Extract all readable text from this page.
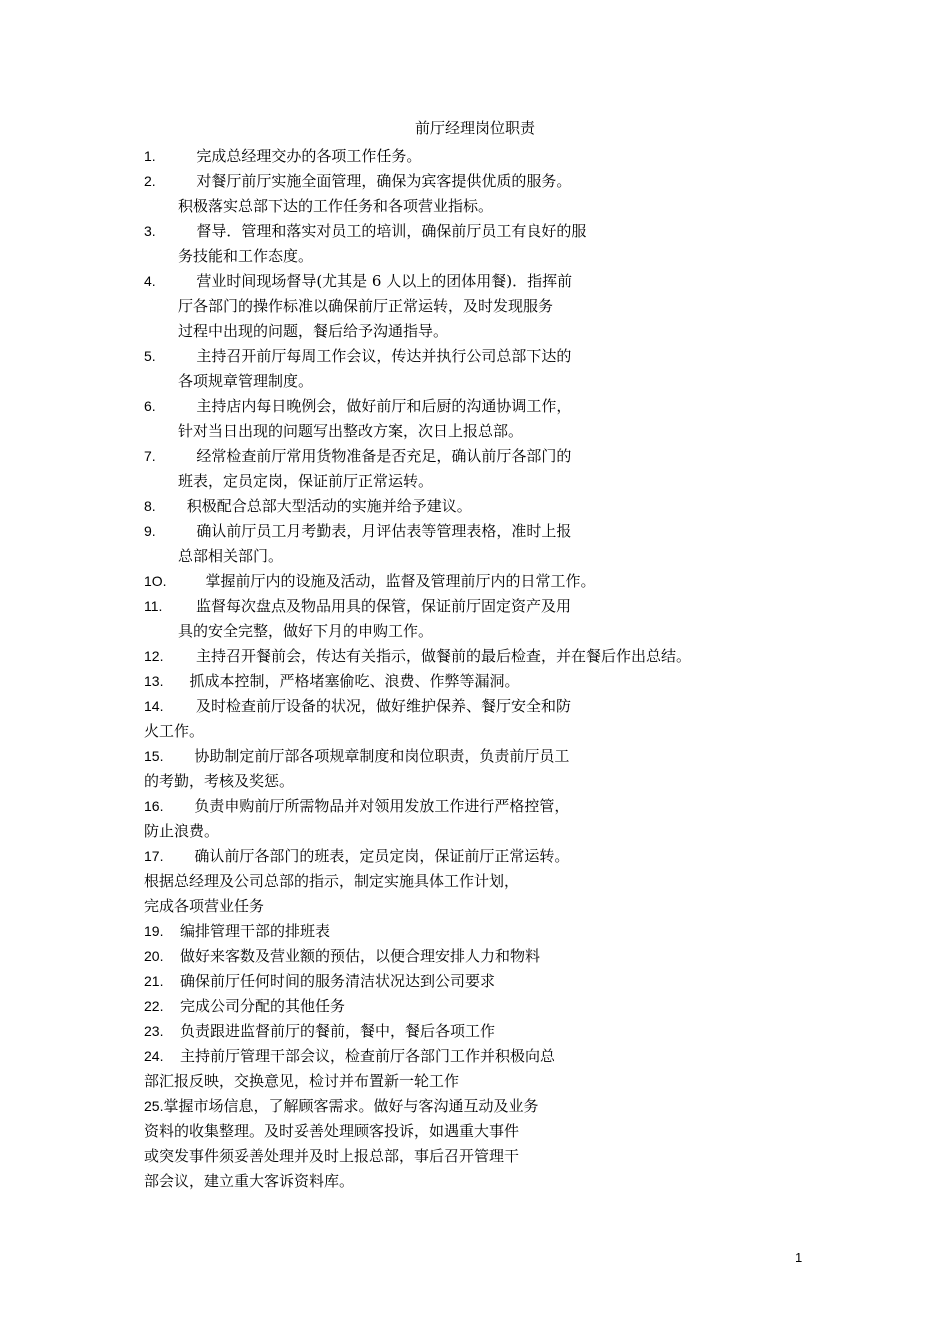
前厅经理岗位职责
1.	完成总经理交办的各项工作任务。
2.	对餐厅前厅实施全面管理，确保为宾客提供优质的服务。
积极落实总部下达的工作任务和各项营业指标。
3.	督导．管理和落实对员工的培训，确保前厅员工有良好的服
务技能和工作态度。
4.	营业时间现场督导(尤其是 6 人以上的团体用餐)．指挥前
厅各部门的操作标准以确保前厅正常运转，及时发现服务
过程中出现的问题，餐后给予沟通指导。
5.	主持召开前厅每周工作会议，传达并执行公司总部下达的
各项规章管理制度。
6.	主持店内每日晚例会，做好前厅和后厨的沟通协调工作，
针对当日出现的问题写出整改方案，次日上报总部。
7.	经常检查前厅常用货物准备是否充足，确认前厅各部门的
班表，定员定岗，保证前厅正常运转。
8. 积极配合总部大型活动的实施并给予建议。
9.	确认前厅员工月考勤表，月评估表等管理表格，准时上报
总部相关部门。
1O.	掌握前厅内的设施及活动，监督及管理前厅内的日常工作。
11. 监督每次盘点及物品用具的保管，保证前厅固定资产及用
具的安全完整，做好下月的申购工作。
12. 主持召开餐前会，传达有关指示，做餐前的最后检查，并在餐后作出总结。
13. 抓成本控制，严格堵塞偷吃、浪费、作弊等漏洞。
14. 及时检查前厅设备的状况，做好维护保养、餐厅安全和防
火工作。
15. 协助制定前厅部各项规章制度和岗位职责，负责前厅员工
的考勤，考核及奖惩。
16. 负责申购前厅所需物品并对领用发放工作进行严格控管，
防止浪费。
17. 确认前厅各部门的班表，定员定岗，保证前厅正常运转。
根据总经理及公司总部的指示，制定实施具体工作计划，
完成各项营业任务
19. 编排管理干部的排班表
20. 做好来客数及营业额的预估，以便合理安排人力和物料
21. 确保前厅任何时间的服务清洁状况达到公司要求
22. 完成公司分配的其他任务
23. 负责跟进监督前厅的餐前，餐中，餐后各项工作
24. 主持前厅管理干部会议，检查前厅各部门工作并积极向总
部汇报反映，交换意见，检讨并布置新一轮工作
25.掌握市场信息，了解顾客需求。做好与客沟通互动及业务
资料的收集整理。及时妥善处理顾客投诉，如遇重大事件
或突发事件须妥善处理并及时上报总部，事后召开管理干
部会议，建立重大客诉资料库。
1
